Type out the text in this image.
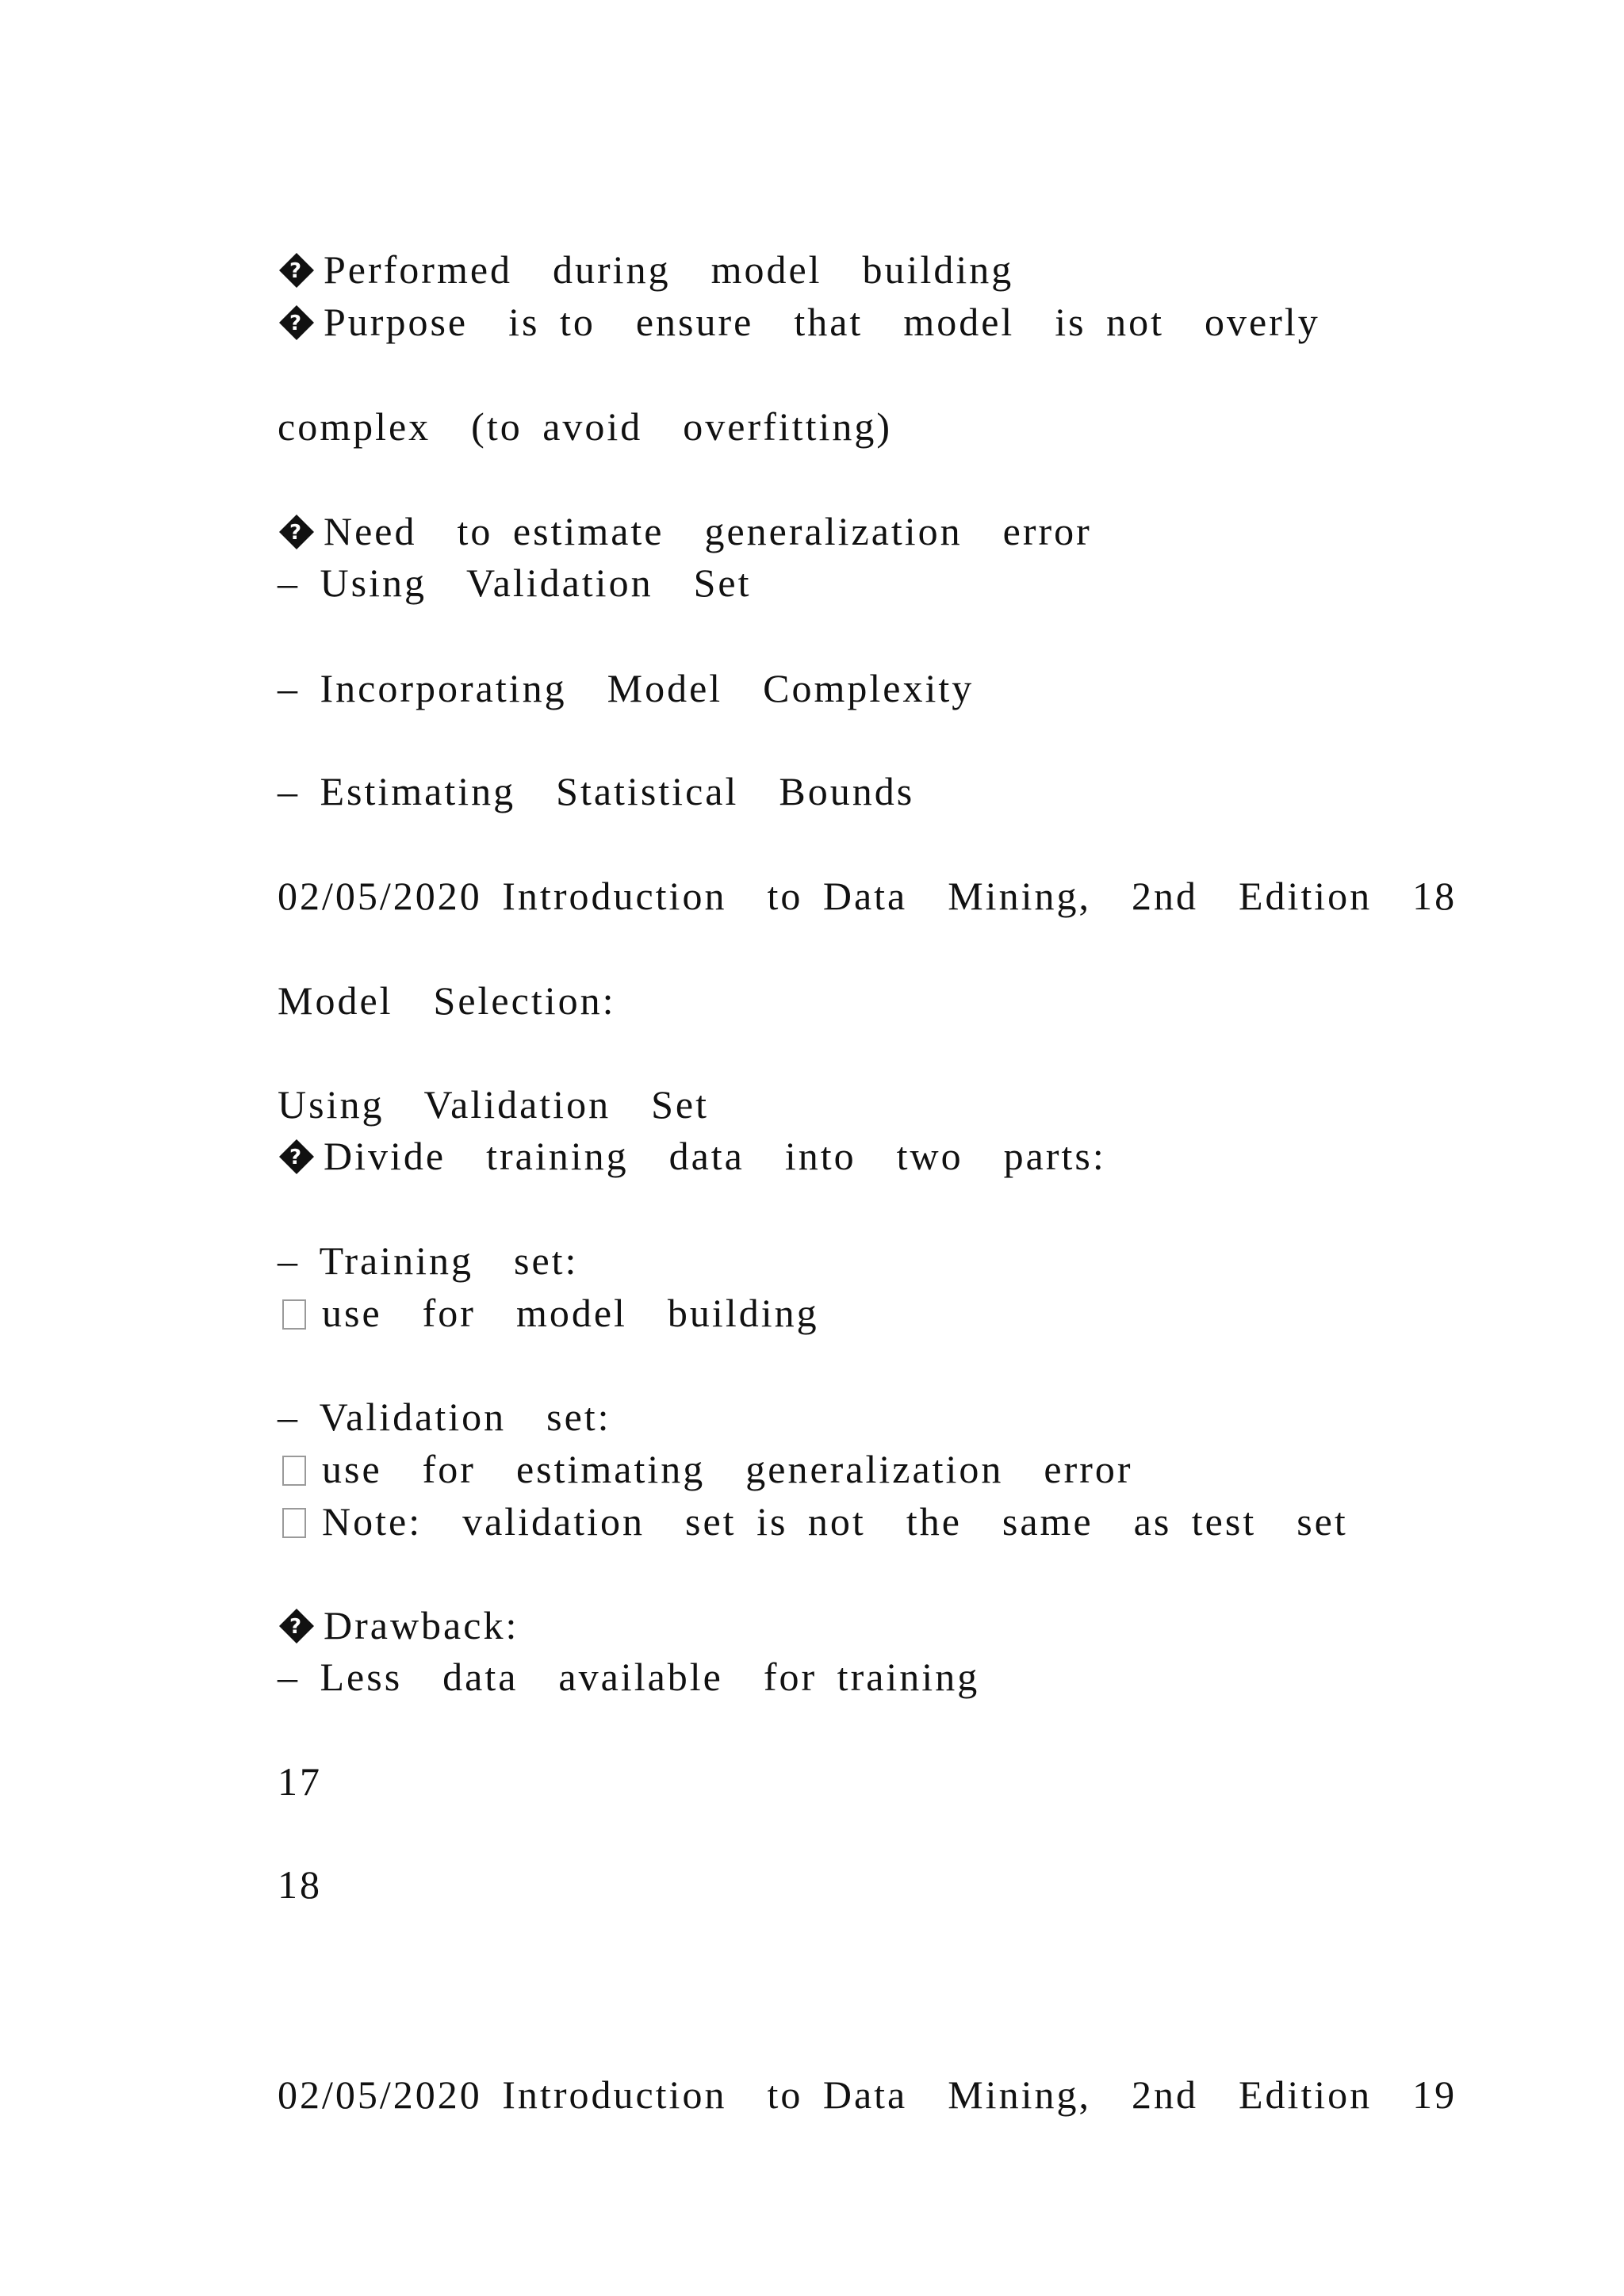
? Performed  during  model  building

? Purpose  is to  ensure  that  model  is not  overly

complex  (to avoid  overfitting)

? Need  to estimate  generalization  error

– Using  Validation  Set

– Incorporating  Model  Complexity

– Estimating  Statistical  Bounds

02/05/2020 Introduction  to Data  Mining,  2nd  Edition  18

Model  Selection:

Using  Validation  Set

? Divide  training  data  into  two  parts:

– Training  set:

use  for  model  building

– Validation  set:

use  for  estimating  generalization  error

Note:  validation  set is not  the  same  as test  set

? Drawback:

– Less  data  available  for training

17

18

02/05/2020 Introduction  to Data  Mining,  2nd  Edition  19
